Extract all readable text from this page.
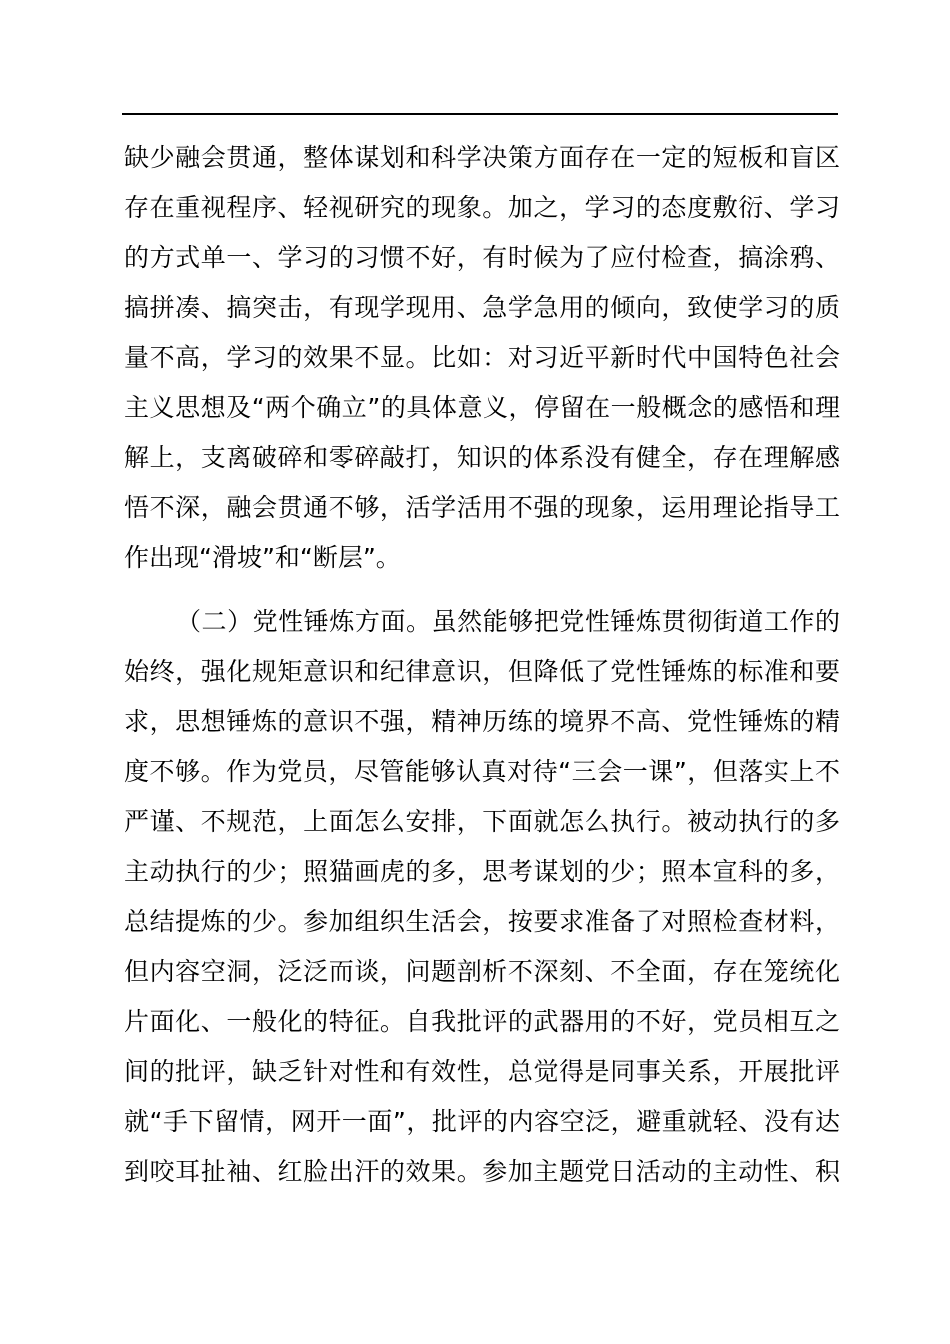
缺少融会贯通，整体谋划和科学决策方面存在一定的短板和盲区
存在重视程序、轻视研究的现象。加之，学习的态度敷衍、学习
的方式单一、学习的习惯不好，有时候为了应付检查，搞涂鸦、
搞拼凑、搞突击，有现学现用、急学急用的倾向，致使学习的质
量不高，学习的效果不显。比如：对习近平新时代中国特色社会
主义思想及“两个确立”的具体意义，停留在一般概念的感悟和理
解上，支离破碎和零碎敲打，知识的体系没有健全，存在理解感
悟不深，融会贯通不够，活学活用不强的现象，运用理论指导工
作出现“滑坡”和“断层”。
（二）党性锤炼方面。虽然能够把党性锤炼贯彻街道工作的
始终，强化规矩意识和纪律意识，但降低了党性锤炼的标准和要
求，思想锤炼的意识不强，精神历练的境界不高、党性锤炼的精
度不够。作为党员，尽管能够认真对待“三会一课”，但落实上不
严谨、不规范，上面怎么安排，下面就怎么执行。被动执行的多
主动执行的少；照猫画虎的多，思考谋划的少；照本宣科的多，
总结提炼的少。参加组织生活会，按要求准备了对照检查材料，
但内容空洞，泛泛而谈，问题剖析不深刻、不全面，存在笼统化
片面化、一般化的特征。自我批评的武器用的不好，党员相互之
间的批评，缺乏针对性和有效性，总觉得是同事关系，开展批评
就“手下留情，网开一面”，批评的内容空泛，避重就轻、没有达
到咬耳扯袖、红脸出汗的效果。参加主题党日活动的主动性、积
